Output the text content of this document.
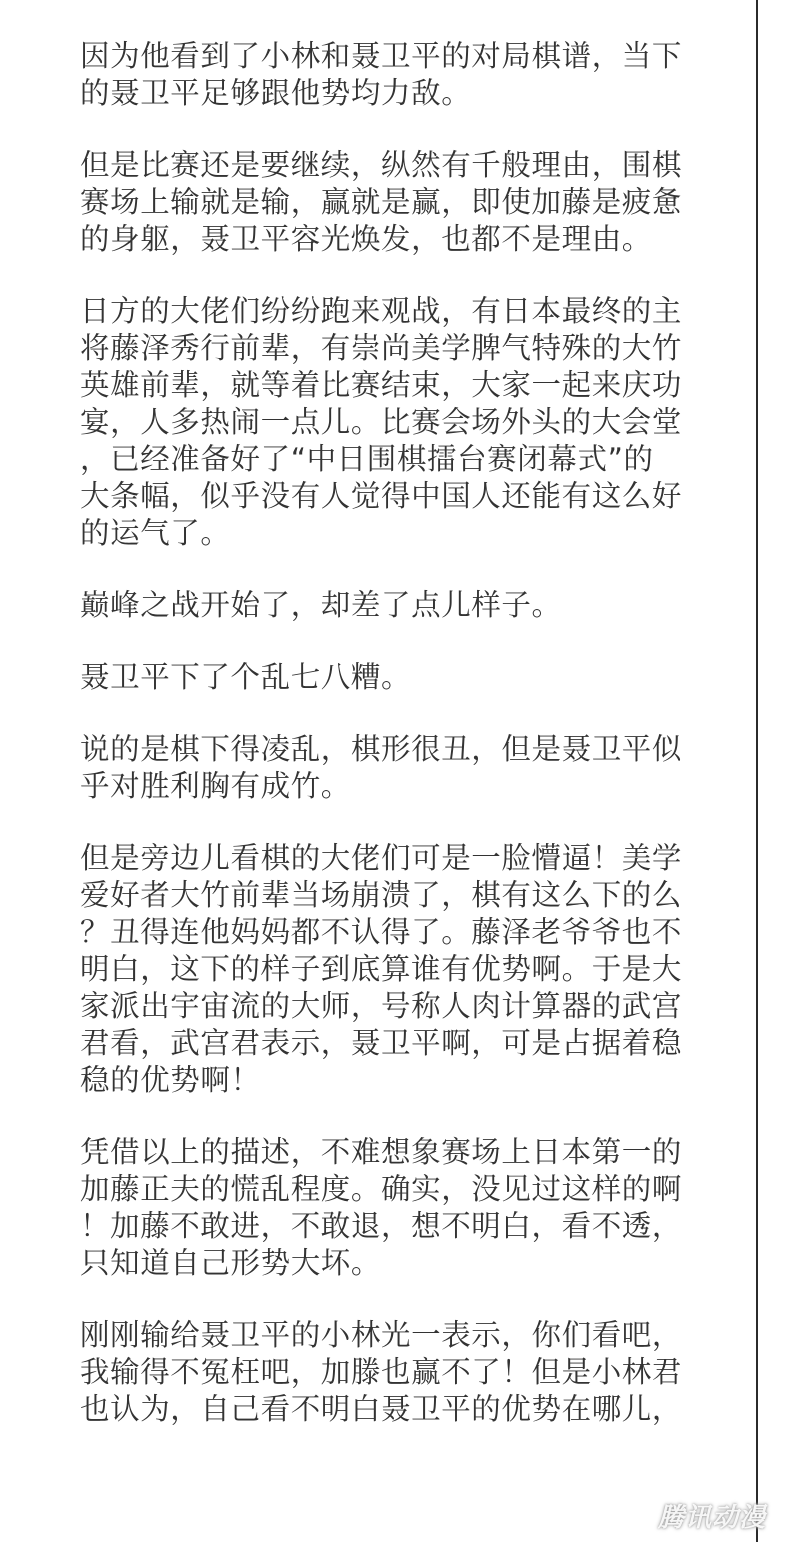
因为他看到了小林和聂卫平的对局棋谱，当下
的聂卫平足够跟他势均力敌。

但是比赛还是要继续，纵然有千般理由，围棋
赛场上输就是输，赢就是赢，即使加藤是疲惫
的身躯，聂卫平容光焕发，也都不是理由。

日方的大佬们纷纷跑来观战，有日本最终的主
将藤泽秀行前辈，有崇尚美学脾气特殊的大竹
英雄前辈，就等着比赛结束，大家一起来庆功
宴，人多热闹一点儿。比赛会场外头的大会堂
，已经准备好了“中日围棋擂台赛闭幕式”的
大条幅，似乎没有人觉得中国人还能有这么好
的运气了。

巅峰之战开始了，却差了点儿样子。

聂卫平下了个乱七八糟。

说的是棋下得凌乱，棋形很丑，但是聂卫平似
乎对胜利胸有成竹。

但是旁边儿看棋的大佬们可是一脸懵逼！美学
爱好者大竹前辈当场崩溃了，棋有这么下的么
？丑得连他妈妈都不认得了。藤泽老爷爷也不
明白，这下的样子到底算谁有优势啊。于是大
家派出宇宙流的大师，号称人肉计算器的武宫
君看，武宫君表示，聂卫平啊，可是占据着稳
稳的优势啊！

凭借以上的描述，不难想象赛场上日本第一的
加藤正夫的慌乱程度。确实，没见过这样的啊
！加藤不敢进，不敢退，想不明白，看不透，
只知道自己形势大坏。

刚刚输给聂卫平的小林光一表示，你们看吧，
我输得不冤枉吧，加滕也赢不了！但是小林君
也认为，自己看不明白聂卫平的优势在哪儿，

腾讯动漫
